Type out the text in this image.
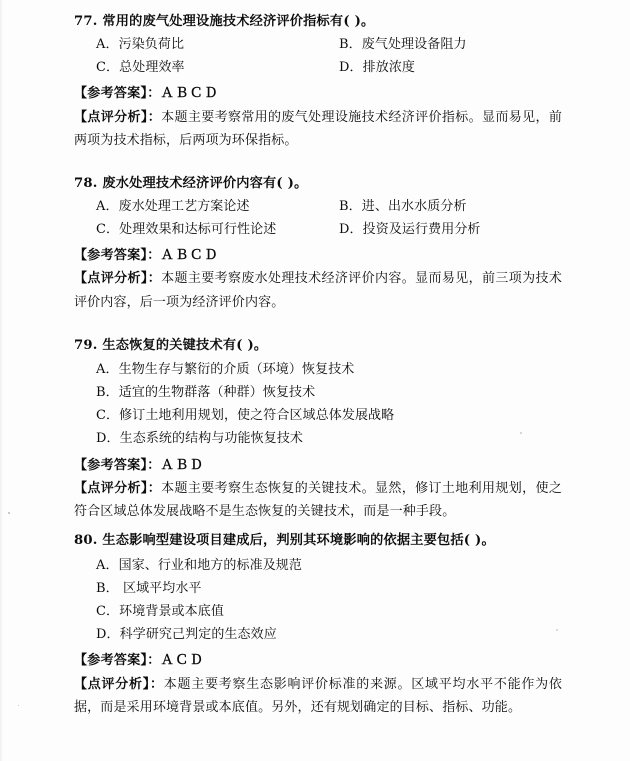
77. 常用的废气处理设施技术经济评价指标有( )。
A．污染负荷比	B．废气处理设备阻力
C．总处理效率	D．排放浓度
【参考答案】：ＡＢＣＤ
【点评分析】：本题主要考察常用的废气处理设施技术经济评价指标。显而易见，前两项为技术指标，后两项为环保指标。
78. 废水处理技术经济评价内容有( )。
A．废水处理工艺方案论述	B．进、出水水质分析
C．处理效果和达标可行性论述	D．投资及运行费用分析
【参考答案】：ＡＢＣＤ
【点评分析】：本题主要考察废水处理技术经济评价内容。显而易见，前三项为技术评价内容，后一项为经济评价内容。
79. 生态恢复的关键技术有( )。
A．生物生存与繁衍的介质（环境）恢复技术
B．适宜的生物群落（种群）恢复技术
C．修订土地利用规划，使之符合区域总体发展战略
D．生态系统的结构与功能恢复技术
【参考答案】：ＡＢＤ
【点评分析】：本题主要考察生态恢复的关键技术。显然，修订土地利用规划，使之符合区域总体发展战略不是生态恢复的关键技术，而是一种手段。
80. 生态影响型建设项目建成后，判别其环境影响的依据主要包括( )。
A．国家、行业和地方的标准及规范
B． 区域平均水平
C．环境背景或本底值
D．科学研究己判定的生态效应
【参考答案】：ＡＣＤ
【点评分析】：本题主要考察生态影响评价标准的来源。区域平均水平不能作为依据，而是采用环境背景或本底值。另外，还有规划确定的目标、指标、功能。
